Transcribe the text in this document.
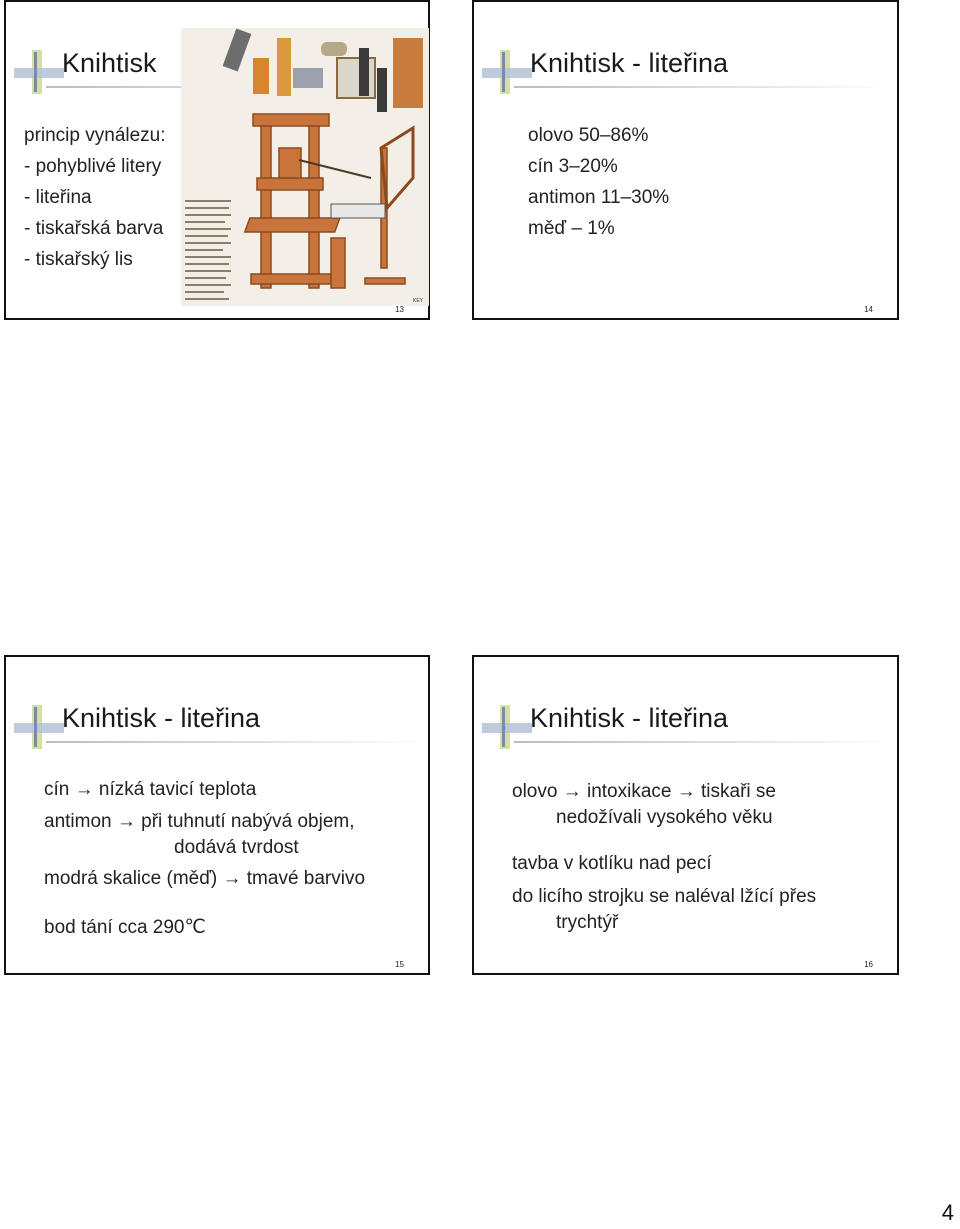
Knihtisk
princip vynálezu:
- pohyblivé litery
- liteřina
- tiskařská barva
- tiskařský lis
KEY
13
Knihtisk - liteřina
olovo 50–86%
cín 3–20%
antimon 11–30%
měď – 1%
14
Knihtisk - liteřina
cín → nízká tavicí teplota
antimon → při tuhnutí nabývá objem,
dodává tvrdost
modrá skalice (měď) → tmavé barvivo
bod tání cca 290℃
15
Knihtisk - liteřina
olovo → intoxikace → tiskaři se
nedožívali vysokého věku
tavba v kotlíku nad pecí
do licího strojku se naléval lžící přes
trychtýř
16
4
